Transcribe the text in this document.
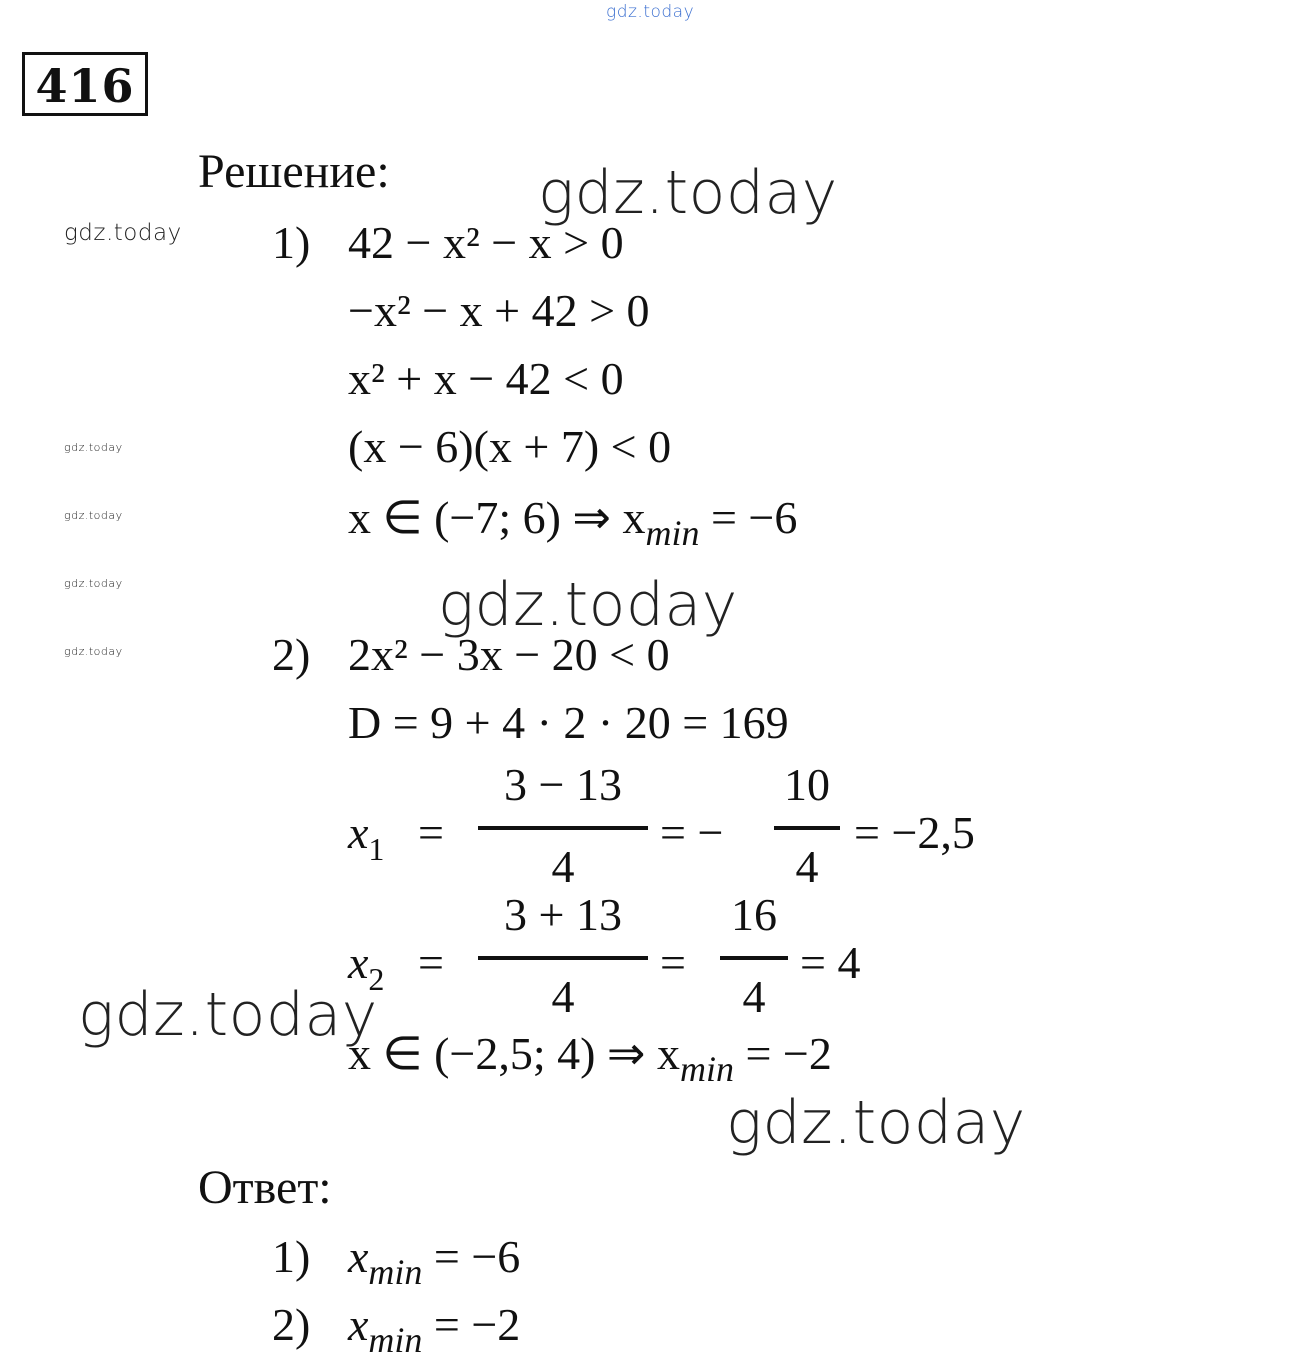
gdz.today
gdz.today
gdz.today
gdz.today
gdz.today
gdz.today
416
Решение:
1) 42 − x² − x > 0
−x² − x + 42 > 0
x² + x − 42 < 0
(x − 6)(x + 7) < 0
x ∈ (−7; 6) ⇒ $x_{min} = -6$
gdz.today
gdz.today
2) 2x² − 3x − 20 < 0
D = 9 + 4 · 2 · 20 = 169
$x_1$ =
3 − 13
4
= −
10
4
= −2,5
$x_2$ =
3 + 13
4
=
16
4
= 4
x ∈ (−2,5; 4) ⇒ $x_{min} = -2$
gdz.today
gdz.today
Ответ:
1) $x_{min} = -6$
2) $x_{min} = -2$
